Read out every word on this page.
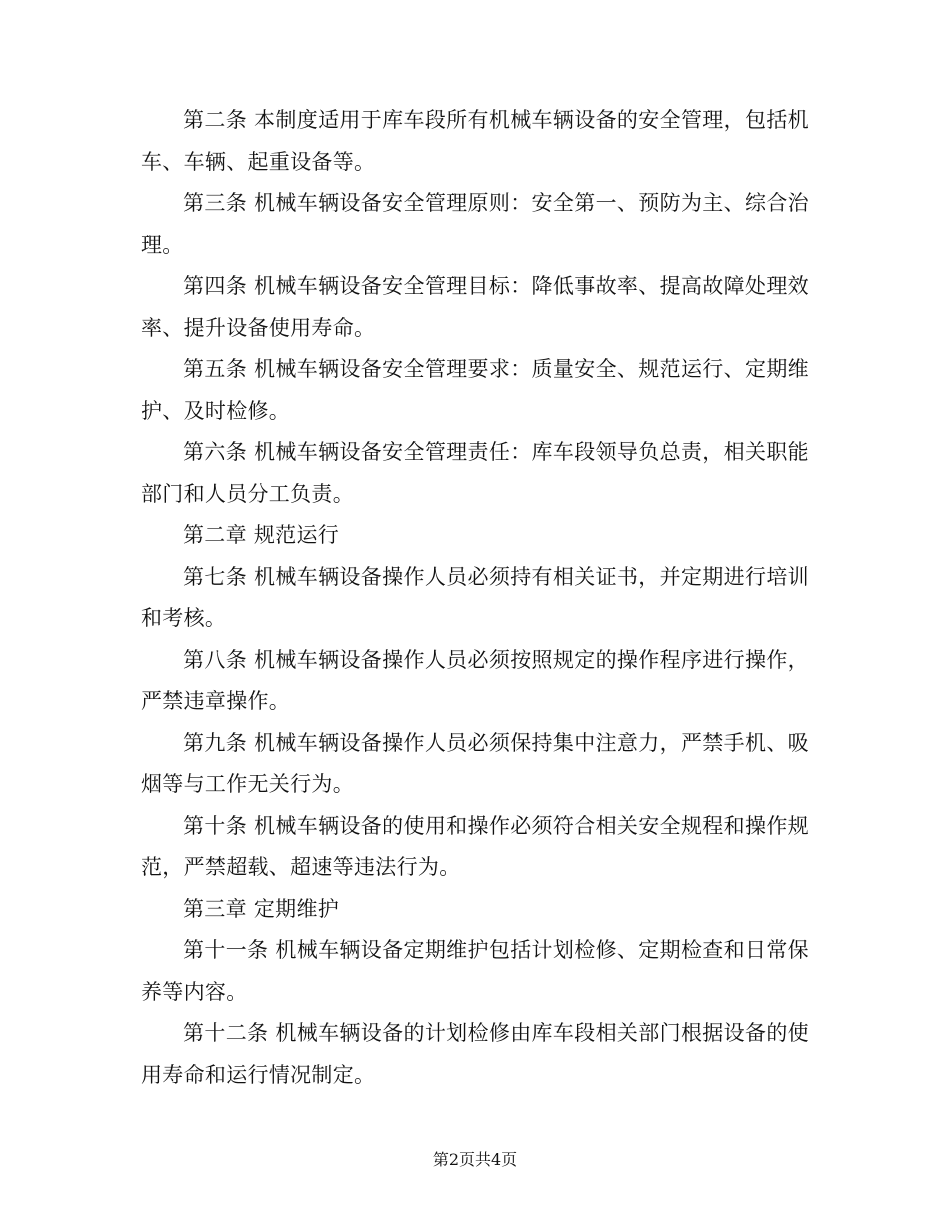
第二条 本制度适用于库车段所有机械车辆设备的安全管理，包括机车、车辆、起重设备等。

第三条 机械车辆设备安全管理原则：安全第一、预防为主、综合治理。

第四条 机械车辆设备安全管理目标：降低事故率、提高故障处理效率、提升设备使用寿命。

第五条 机械车辆设备安全管理要求：质量安全、规范运行、定期维护、及时检修。

第六条 机械车辆设备安全管理责任：库车段领导负总责，相关职能部门和人员分工负责。

第二章 规范运行

第七条 机械车辆设备操作人员必须持有相关证书，并定期进行培训和考核。

第八条 机械车辆设备操作人员必须按照规定的操作程序进行操作，严禁违章操作。

第九条 机械车辆设备操作人员必须保持集中注意力，严禁手机、吸烟等与工作无关行为。

第十条 机械车辆设备的使用和操作必须符合相关安全规程和操作规范，严禁超载、超速等违法行为。

第三章 定期维护

第十一条 机械车辆设备定期维护包括计划检修、定期检查和日常保养等内容。

第十二条 机械车辆设备的计划检修由库车段相关部门根据设备的使用寿命和运行情况制定。

第2页共4页
